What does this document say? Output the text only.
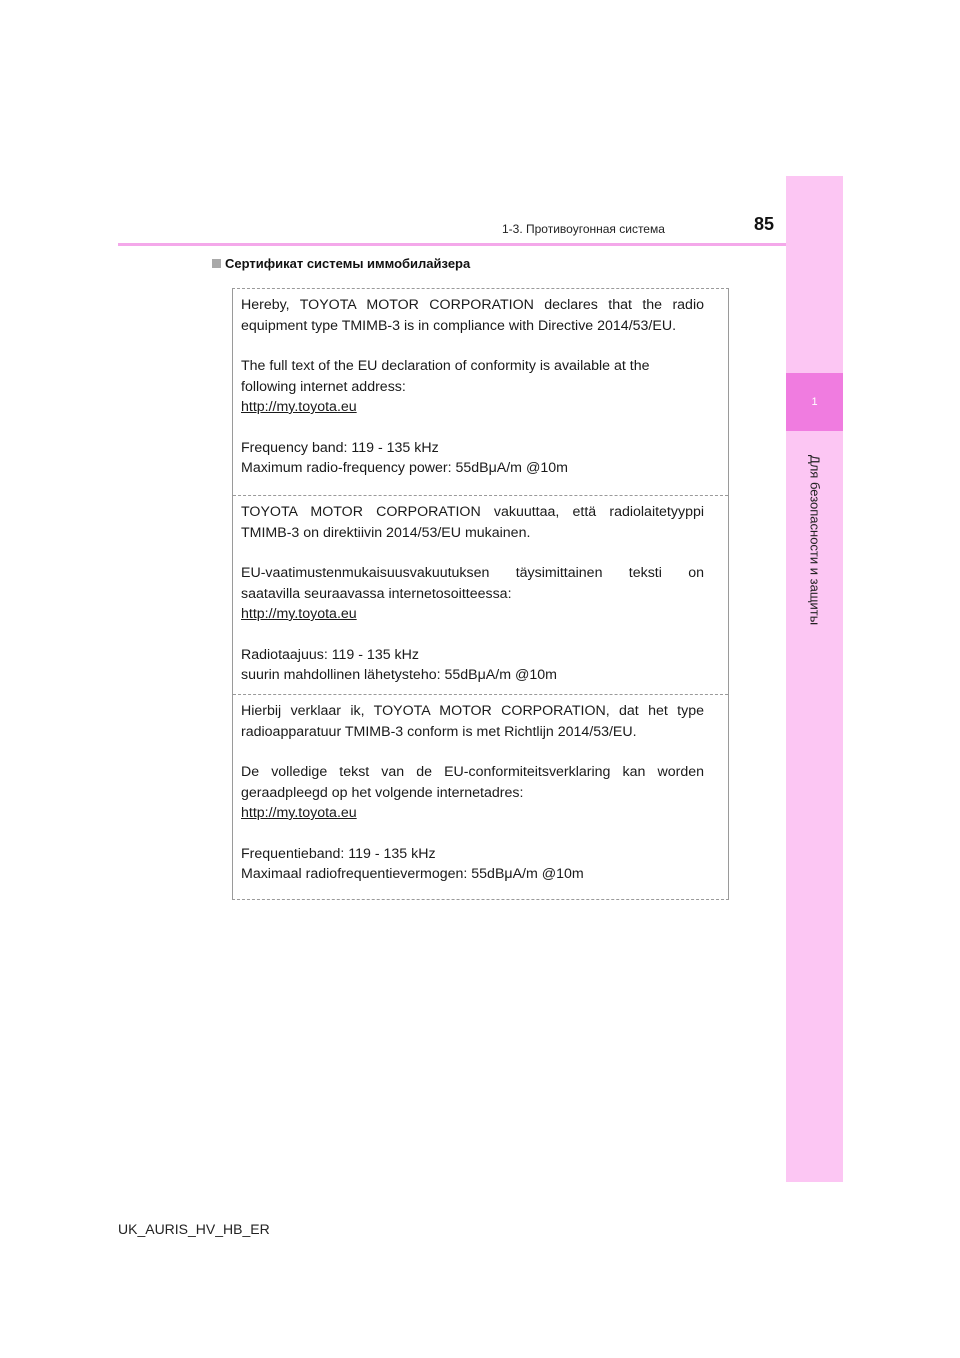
1
Для безопасности и защиты
1-3. Противоугонная система	85
Сертификат системы иммобилайзера

Hereby, TOYOTA MOTOR CORPORATION declares that the radio

equipment type TMIMB-3 is in compliance with Directive 2014/53/EU.

The full text of the EU declaration of conformity is available at the

following internet address:

http://my.toyota.eu

Frequency band: 119 - 135 kHz

Maximum radio-frequency power: 55dBμA/m @10m

TOYOTA MOTOR CORPORATION vakuuttaa, että radiolaitetyyppi

TMIMB-3 on direktiivin 2014/53/EU mukainen.

EU-vaatimustenmukaisuusvakuutuksen täysimittainen teksti on

saatavilla seuraavassa internetosoitteessa:

http://my.toyota.eu

Radiotaajuus: 119 - 135 kHz

suurin mahdollinen lähetysteho: 55dBμA/m @10m

Hierbij verklaar ik, TOYOTA MOTOR CORPORATION, dat het type

radioapparatuur TMIMB-3 conform is met Richtlijn 2014/53/EU.

De volledige tekst van de EU-conformiteitsverklaring kan worden

geraadpleegd op het volgende internetadres:

http://my.toyota.eu

Frequentieband: 119 - 135 kHz

Maximaal radiofrequentievermogen: 55dBμA/m @10m

UK_AURIS_HV_HB_ER
